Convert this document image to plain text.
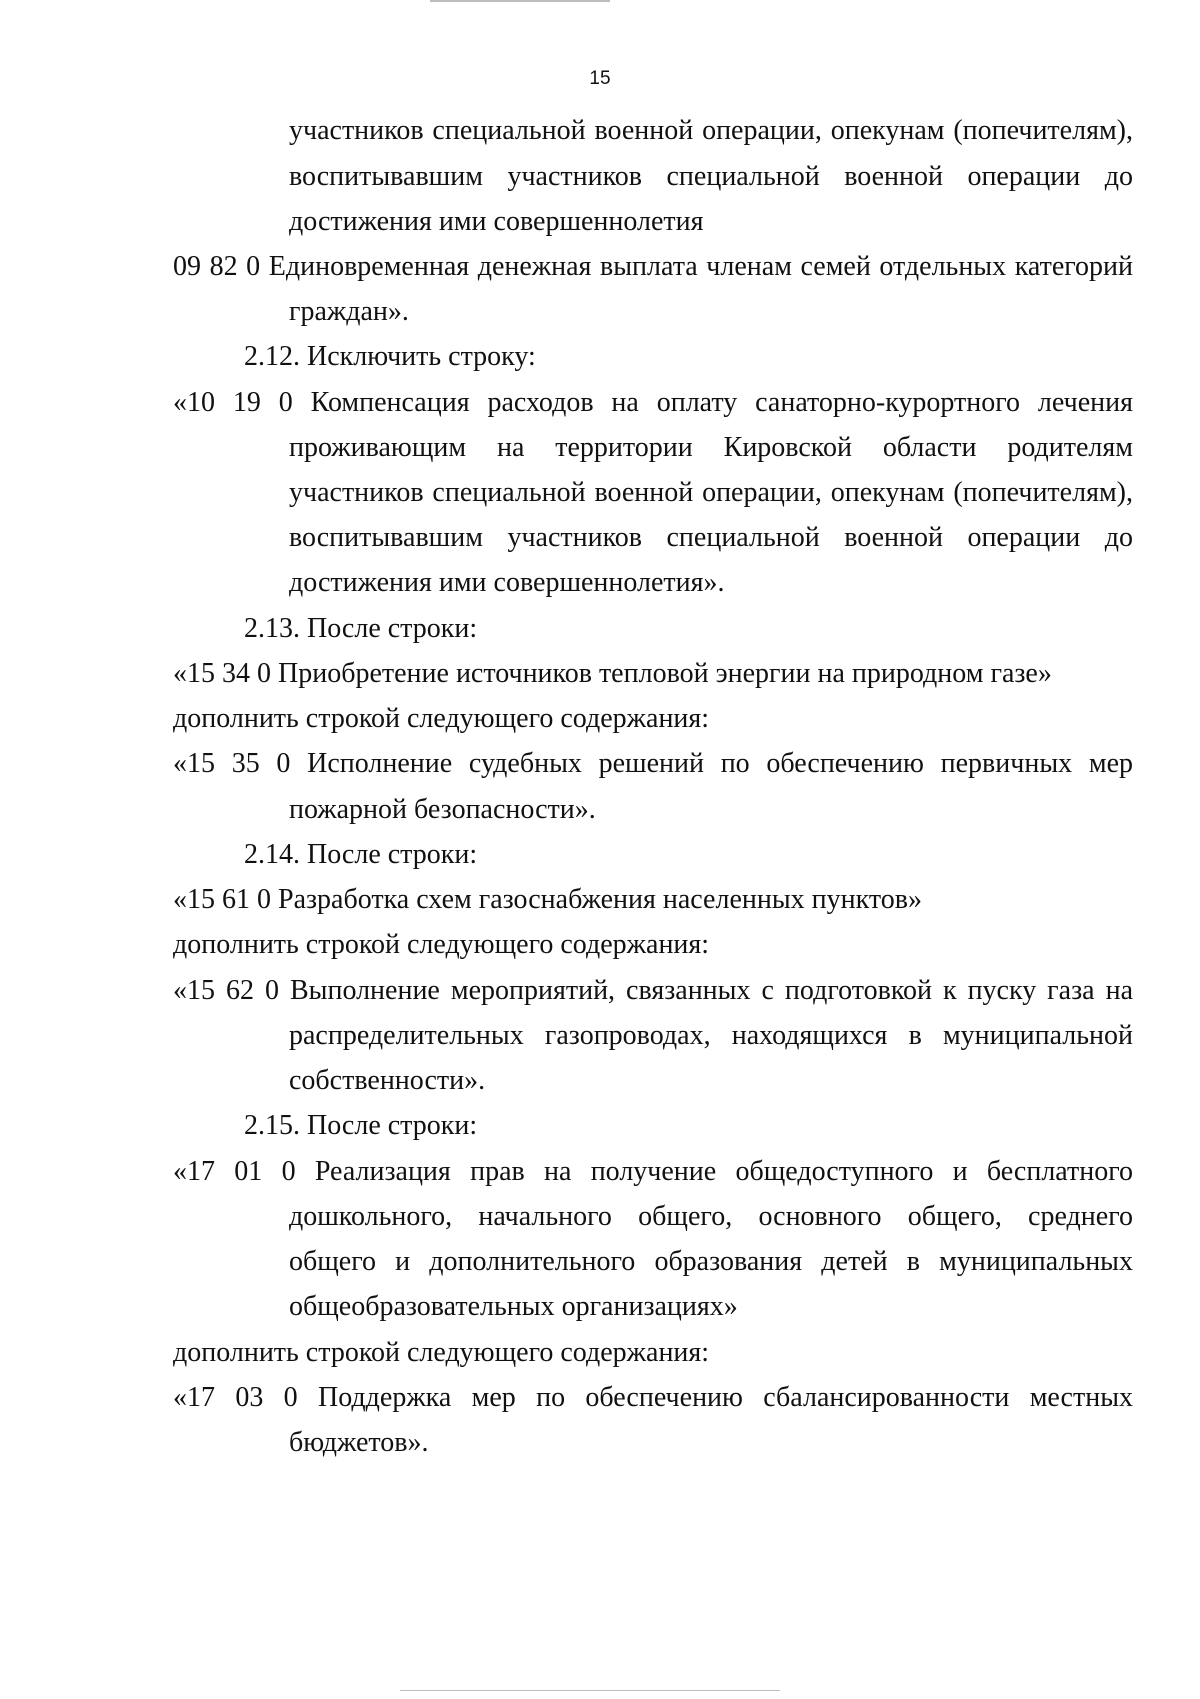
15
участников специальной военной операции, опекунам (попечителям),
воспитывавшим участников специальной военной операции до
достижения ими совершеннолетия
09 82 0 Единовременная денежная выплата членам семей отдельных категорий
граждан».
2.12. Исключить строку:
«10 19 0 Компенсация расходов на оплату санаторно-курортного лечения
проживающим на территории Кировской области родителям
участников специальной военной операции, опекунам (попечителям),
воспитывавшим участников специальной военной операции до
достижения ими совершеннолетия».
2.13. После строки:
«15 34 0 Приобретение источников тепловой энергии на природном газе»
дополнить строкой следующего содержания:
«15 35 0 Исполнение судебных решений по обеспечению первичных мер
пожарной безопасности».
2.14. После строки:
«15 61 0 Разработка схем газоснабжения населенных пунктов»
дополнить строкой следующего содержания:
«15 62 0 Выполнение мероприятий, связанных с подготовкой к пуску газа на
распределительных газопроводах, находящихся в муниципальной
собственности».
2.15. После строки:
«17 01 0 Реализация прав на получение общедоступного и бесплатного
дошкольного, начального общего, основного общего, среднего
общего и дополнительного образования детей в муниципальных
общеобразовательных организациях»
дополнить строкой следующего содержания:
«17 03 0 Поддержка мер по обеспечению сбалансированности местных
бюджетов».
